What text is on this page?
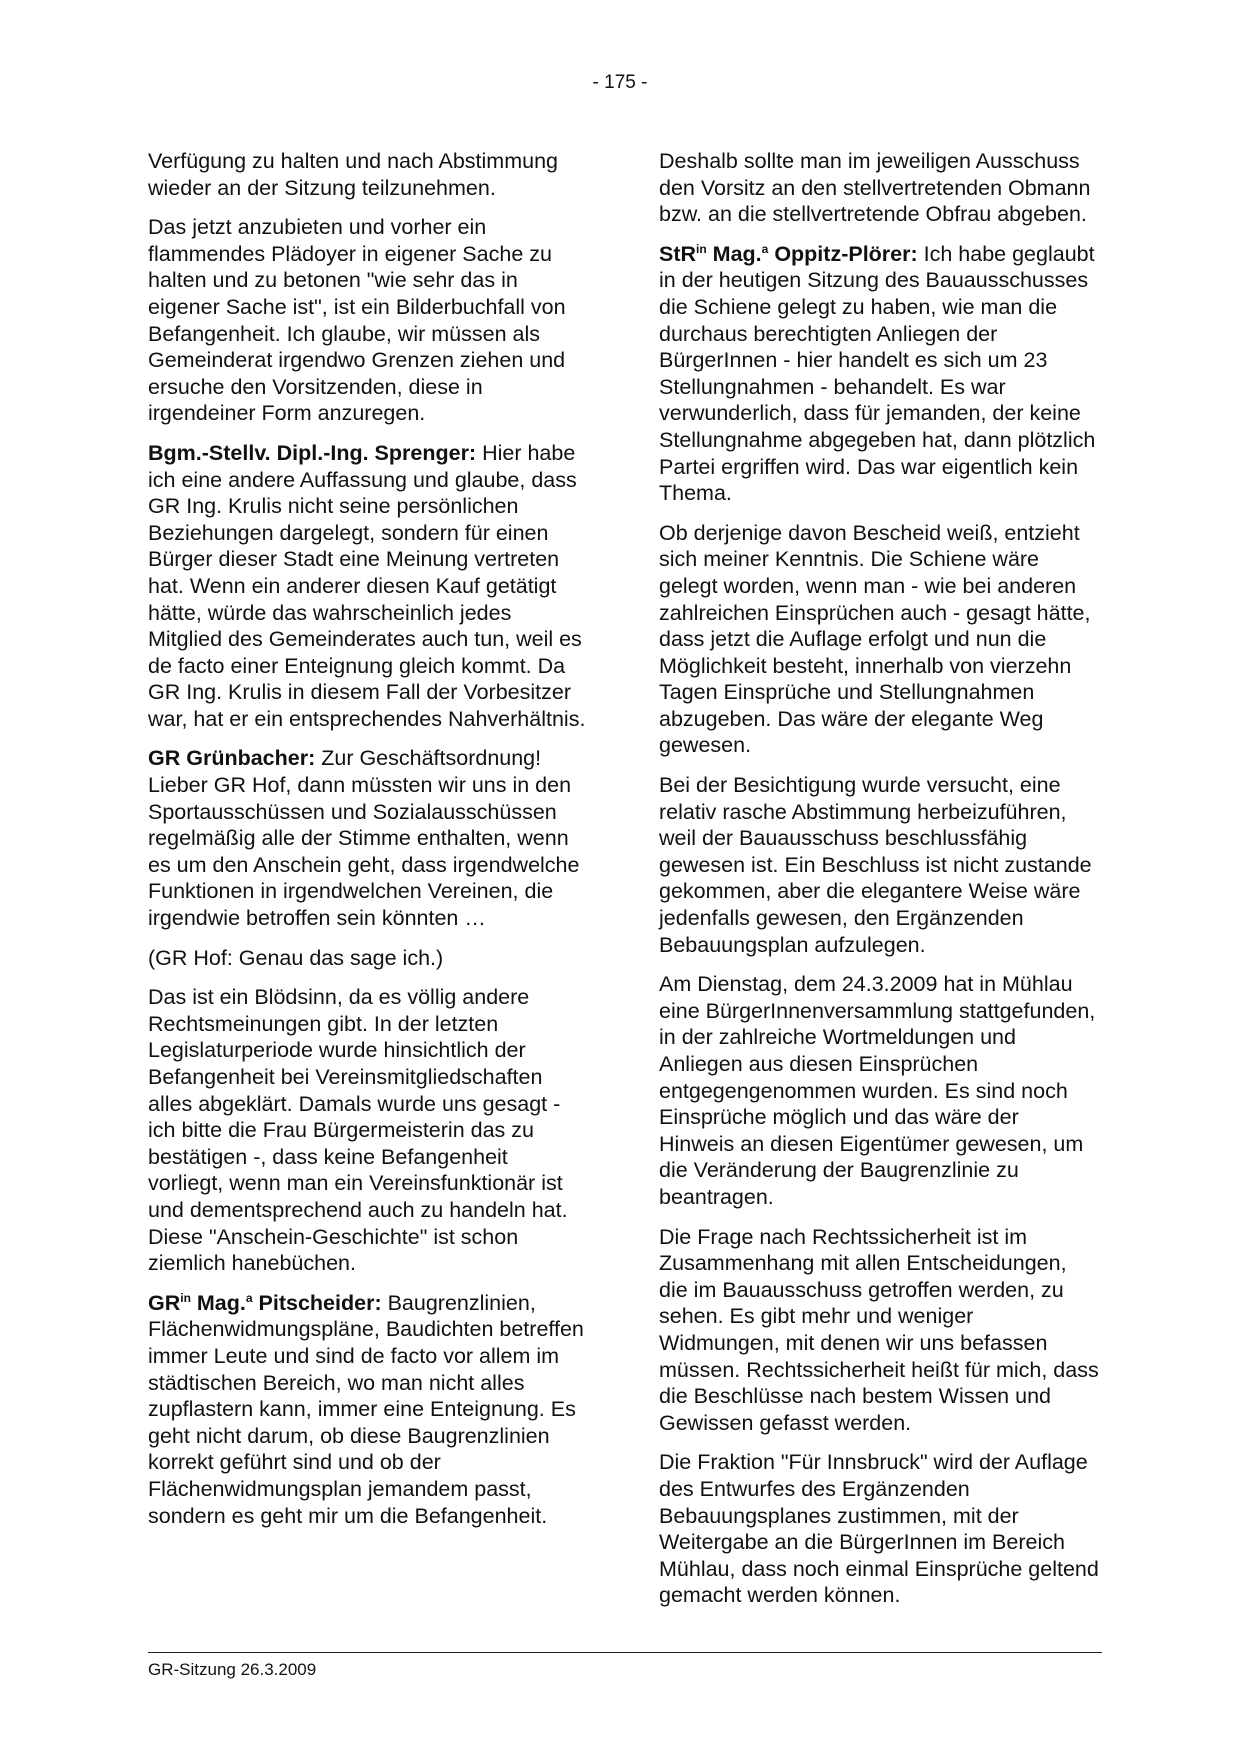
- 175 -

Verfügung zu halten und nach Abstimmung wieder an der Sitzung teilzunehmen.

Das jetzt anzubieten und vorher ein flammendes Plädoyer in eigener Sache zu halten und zu betonen "wie sehr das in eigener Sache ist", ist ein Bilderbuchfall von Befangenheit. Ich glaube, wir müssen als Gemeinderat irgendwo Grenzen ziehen und ersuche den Vorsitzenden, diese in irgendeiner Form anzuregen.

Bgm.-Stellv. Dipl.-Ing. Sprenger: Hier habe ich eine andere Auffassung und glaube, dass GR Ing. Krulis nicht seine persönlichen Beziehungen dargelegt, sondern für einen Bürger dieser Stadt eine Meinung vertreten hat. Wenn ein anderer diesen Kauf getätigt hätte, würde das wahrscheinlich jedes Mitglied des Gemeinderates auch tun, weil es de facto einer Enteignung gleich kommt. Da GR Ing. Krulis in diesem Fall der Vorbesitzer war, hat er ein entsprechendes Nahverhältnis.

GR Grünbacher: Zur Geschäftsordnung! Lieber GR Hof, dann müssten wir uns in den Sportausschüssen und Sozialausschüssen regelmäßig alle der Stimme enthalten, wenn es um den Anschein geht, dass irgendwelche Funktionen in irgendwelchen Vereinen, die irgendwie betroffen sein könnten …

(GR Hof: Genau das sage ich.)

Das ist ein Blödsinn, da es völlig andere Rechtsmeinungen gibt. In der letzten Legislaturperiode wurde hinsichtlich der Befangenheit bei Vereinsmitgliedschaften alles abgeklärt. Damals wurde uns gesagt - ich bitte die Frau Bürgermeisterin das zu bestätigen -, dass keine Befangenheit vorliegt, wenn man ein Vereinsfunktionär ist und dementsprechend auch zu handeln hat. Diese "Anschein-Geschichte" ist schon ziemlich hanebüchen.

$GR^{in}$ Mag.$^a$ Pitscheider: Baugrenzlinien, Flächenwidmungspläne, Baudichten betreffen immer Leute und sind de facto vor allem im städtischen Bereich, wo man nicht alles zupflastern kann, immer eine Enteignung. Es geht nicht darum, ob diese Baugrenzlinien korrekt geführt sind und ob der Flächenwidmungsplan jemandem passt, sondern es geht mir um die Befangenheit.

Deshalb sollte man im jeweiligen Ausschuss den Vorsitz an den stellvertretenden Obmann bzw. an die stellvertretende Obfrau abgeben.

StR$^{in}$ Mag.$^a$ Oppitz-Plörer: Ich habe geglaubt in der heutigen Sitzung des Bauausschusses die Schiene gelegt zu haben, wie man die durchaus berechtigten Anliegen der BürgerInnen - hier handelt es sich um 23 Stellungnahmen - behandelt. Es war verwunderlich, dass für jemanden, der keine Stellungnahme abgegeben hat, dann plötzlich Partei ergriffen wird. Das war eigentlich kein Thema.

Ob derjenige davon Bescheid weiß, entzieht sich meiner Kenntnis. Die Schiene wäre gelegt worden, wenn man - wie bei anderen zahlreichen Einsprüchen auch - gesagt hätte, dass jetzt die Auflage erfolgt und nun die Möglichkeit besteht, innerhalb von vierzehn Tagen Einsprüche und Stellungnahmen abzugeben. Das wäre der elegante Weg gewesen.

Bei der Besichtigung wurde versucht, eine relativ rasche Abstimmung herbeizuführen, weil der Bauausschuss beschlussfähig gewesen ist. Ein Beschluss ist nicht zustande gekommen, aber die elegantere Weise wäre jedenfalls gewesen, den Ergänzenden Bebauungsplan aufzulegen.

Am Dienstag, dem 24.3.2009 hat in Mühlau eine BürgerInnenversammlung stattgefunden, in der zahlreiche Wortmeldungen und Anliegen aus diesen Einsprüchen entgegengenommen wurden. Es sind noch Einsprüche möglich und das wäre der Hinweis an diesen Eigentümer gewesen, um die Veränderung der Baugrenzlinie zu beantragen.

Die Frage nach Rechtssicherheit ist im Zusammenhang mit allen Entscheidungen, die im Bauausschuss getroffen werden, zu sehen. Es gibt mehr und weniger Widmungen, mit denen wir uns befassen müssen. Rechtssicherheit heißt für mich, dass die Beschlüsse nach bestem Wissen und Gewissen gefasst werden.

Die Fraktion "Für Innsbruck" wird der Auflage des Entwurfes des Ergänzenden Bebauungsplanes zustimmen, mit der Weitergabe an die BürgerInnen im Bereich Mühlau, dass noch einmal Einsprüche geltend gemacht werden können.

GR-Sitzung 26.3.2009
